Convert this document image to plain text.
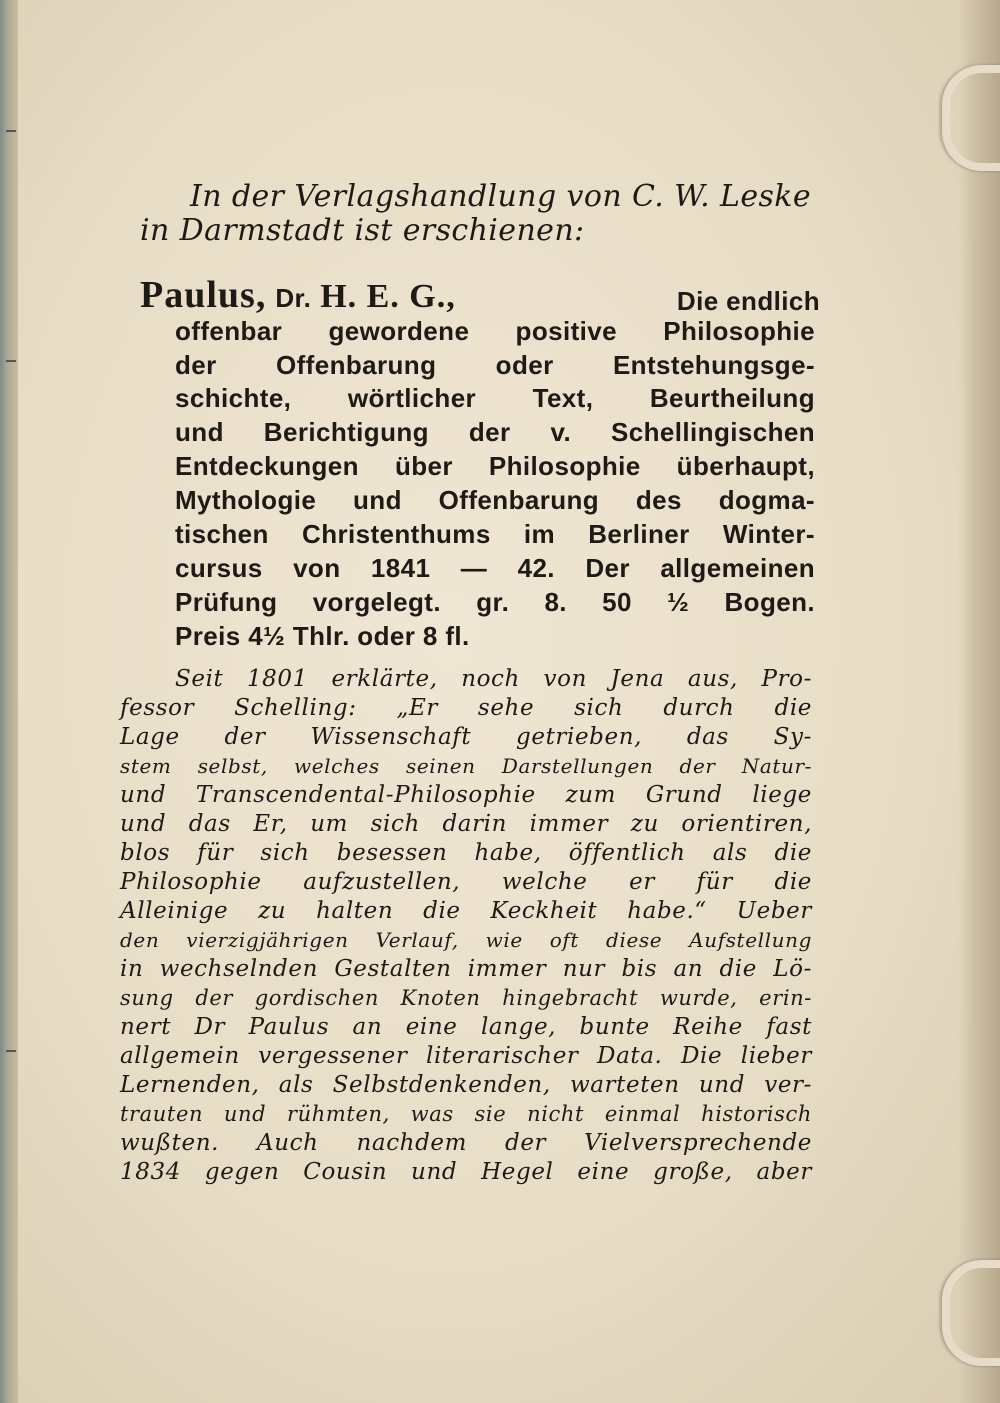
In der Verlagshandlung von C. W. Leske
in Darmstadt ist erschienen:
Paulus, Dr. H. E. G.,	Die endlich
offenbar gewordene positive Philosophie
der Offenbarung oder Entstehungsge-
schichte, wörtlicher Text, Beurtheilung
und Berichtigung der v. Schellingischen
Entdeckungen über Philosophie überhaupt,
Mythologie und Offenbarung des dogma-
tischen Christenthums im Berliner Winter-
cursus von 1841 — 42. Der allgemeinen
Prüfung vorgelegt. gr. 8. 50 ½ Bogen.
Preis 4½ Thlr. oder 8 fl.
Seit 1801 erklärte, noch von Jena aus, Pro-
fessor Schelling: „Er sehe sich durch die
Lage der Wissenschaft getrieben, das Sy-
stem selbst, welches seinen Darstellungen der Natur-
und Transcendental-Philosophie zum Grund liege
und das Er, um sich darin immer zu orientiren,
blos für sich besessen habe, öffentlich als die
Philosophie aufzustellen, welche er für die
Alleinige zu halten die Keckheit habe.“ Ueber
den vierzigjährigen Verlauf, wie oft diese Aufstellung
in wechselnden Gestalten immer nur bis an die Lö-
sung der gordischen Knoten hingebracht wurde, erin-
nert Dr Paulus an eine lange, bunte Reihe fast
allgemein vergessener literarischer Data. Die lieber
Lernenden, als Selbstdenkenden, warteten und ver-
trauten und rühmten, was sie nicht einmal historisch
wußten. Auch nachdem der Vielversprechende
1834 gegen Cousin und Hegel eine große, aber
